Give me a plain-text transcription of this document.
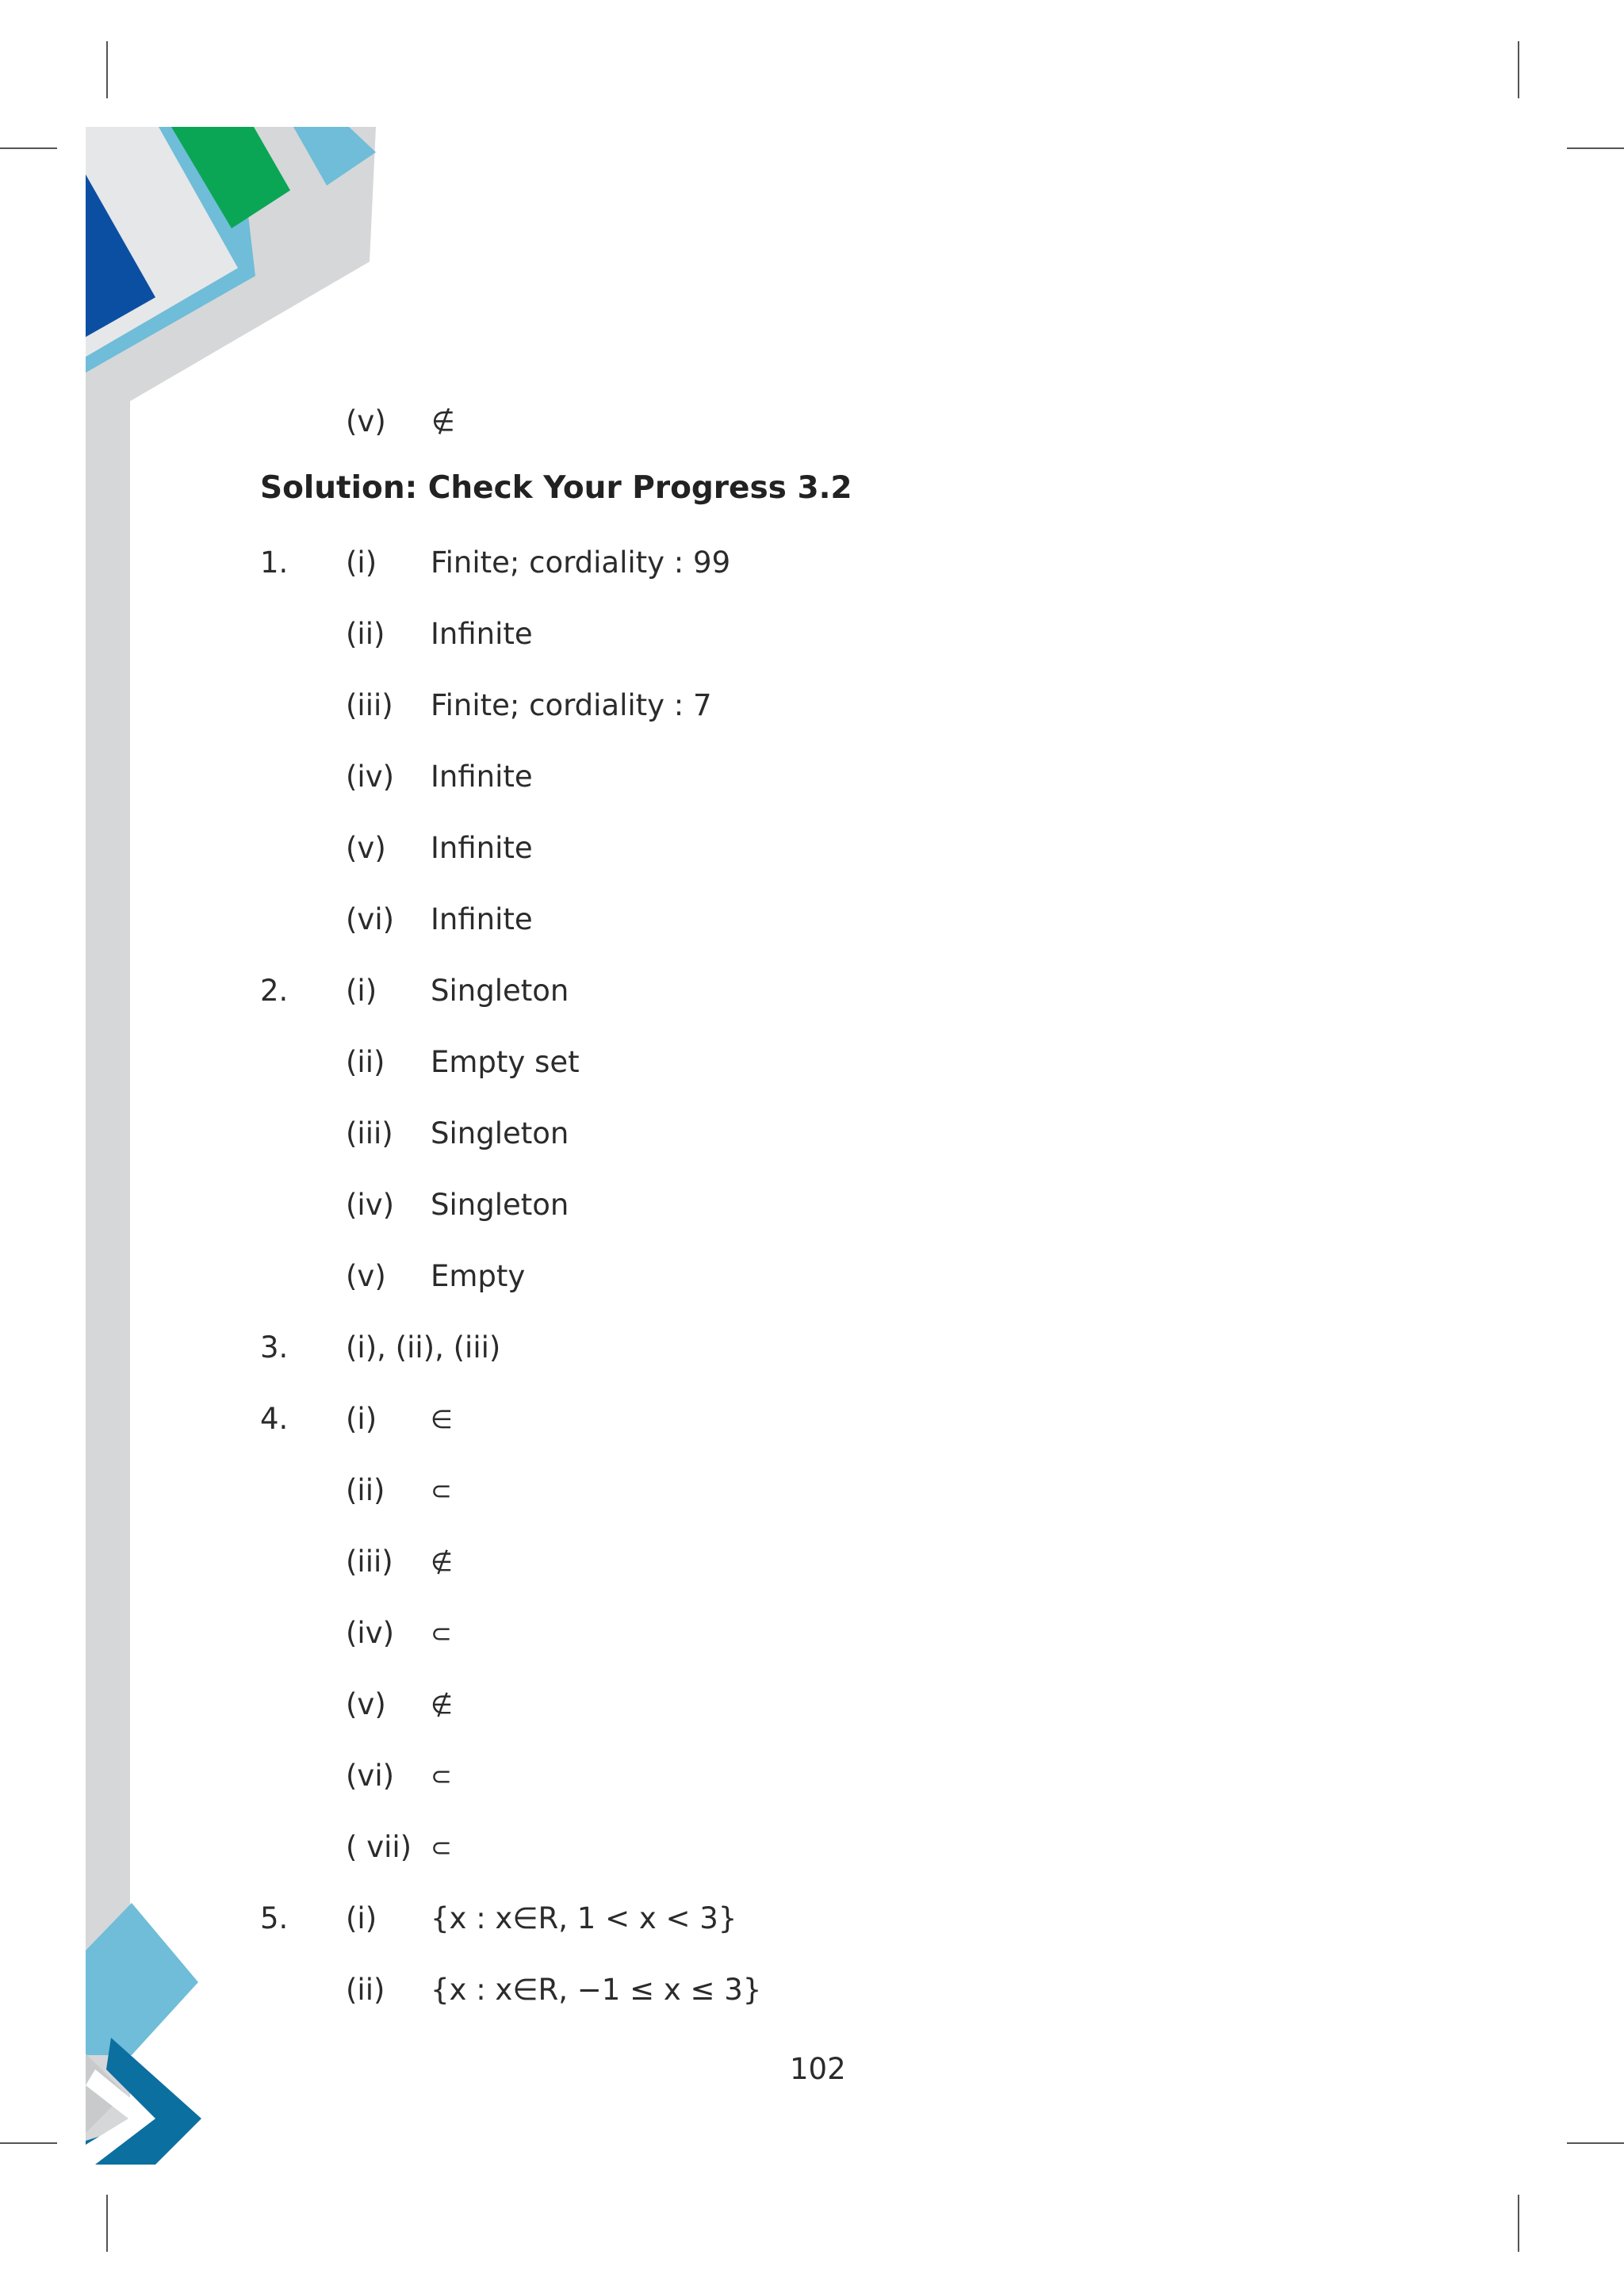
(v) ∉
Solution: Check Your Progress 3.2
1. (i) Finite; cordiality : 99
(ii) Infinite
(iii) Finite; cordiality : 7
(iv) Infinite
(v) Infinite
(vi) Infinite
2. (i) Singleton
(ii) Empty set
(iii) Singleton
(iv) Singleton
(v) Empty
3. (i), (ii), (iii)
4. (i) ∈
(ii) ⊂
(iii) ∉
(iv) ⊂
(v) ∉
(vi) ⊂
( vii) ⊂
5. (i) {x : x∈R, 1 < x < 3}
(ii) {x : x∈R, −1 ≤ x ≤ 3}
102
